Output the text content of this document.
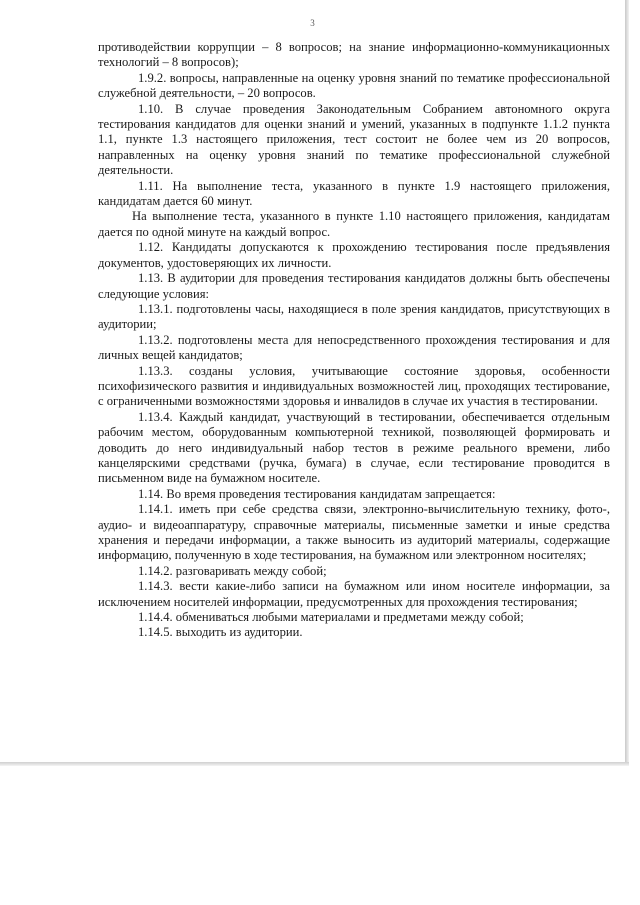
3

противодействии коррупции – 8 вопросов; на знание информационно-коммуникационных технологий – 8 вопросов);

1.9.2. вопросы, направленные на оценку уровня знаний по тематике профессиональной служебной деятельности, – 20 вопросов.

1.10. В случае проведения Законодательным Собранием автономного округа тестирования кандидатов для оценки знаний и умений, указанных в подпункте 1.1.2 пункта 1.1, пункте 1.3 настоящего приложения, тест состоит не более чем из 20 вопросов, направленных на оценку уровня знаний по тематике профессиональной служебной деятельности.

1.11. На выполнение теста, указанного в пункте 1.9 настоящего приложения, кандидатам дается 60 минут.

На выполнение теста, указанного в пункте 1.10 настоящего приложения, кандидатам дается по одной минуте на каждый вопрос.

1.12. Кандидаты допускаются к прохождению тестирования после предъявления документов, удостоверяющих их личности.

1.13. В аудитории для проведения тестирования кандидатов должны быть обеспечены следующие условия:

1.13.1. подготовлены часы, находящиеся в поле зрения кандидатов, присутствующих в аудитории;

1.13.2. подготовлены места для непосредственного прохождения тестирования и для личных вещей кандидатов;

1.13.3. созданы условия, учитывающие состояние здоровья, особенности психофизического развития и индивидуальных возможностей лиц, проходящих тестирование, с ограниченными возможностями здоровья и инвалидов в случае их участия в тестировании.

1.13.4. Каждый кандидат, участвующий в тестировании, обеспечивается отдельным рабочим местом, оборудованным компьютерной техникой, позволяющей формировать и доводить до него индивидуальный набор тестов в режиме реального времени, либо канцелярскими средствами (ручка, бумага) в случае, если тестирование проводится в письменном виде на бумажном носителе.

1.14. Во время проведения тестирования кандидатам запрещается:

1.14.1. иметь при себе средства связи, электронно-вычислительную технику, фото-, аудио- и видеоаппаратуру, справочные материалы, письменные заметки и иные средства хранения и передачи информации, а также выносить из аудиторий материалы, содержащие информацию, полученную в ходе тестирования, на бумажном или электронном носителях;

1.14.2. разговаривать между собой;

1.14.3. вести какие-либо записи на бумажном или ином носителе информации, за исключением носителей информации, предусмотренных для прохождения тестирования;

1.14.4. обмениваться любыми материалами и предметами между собой;

1.14.5. выходить из аудитории.
